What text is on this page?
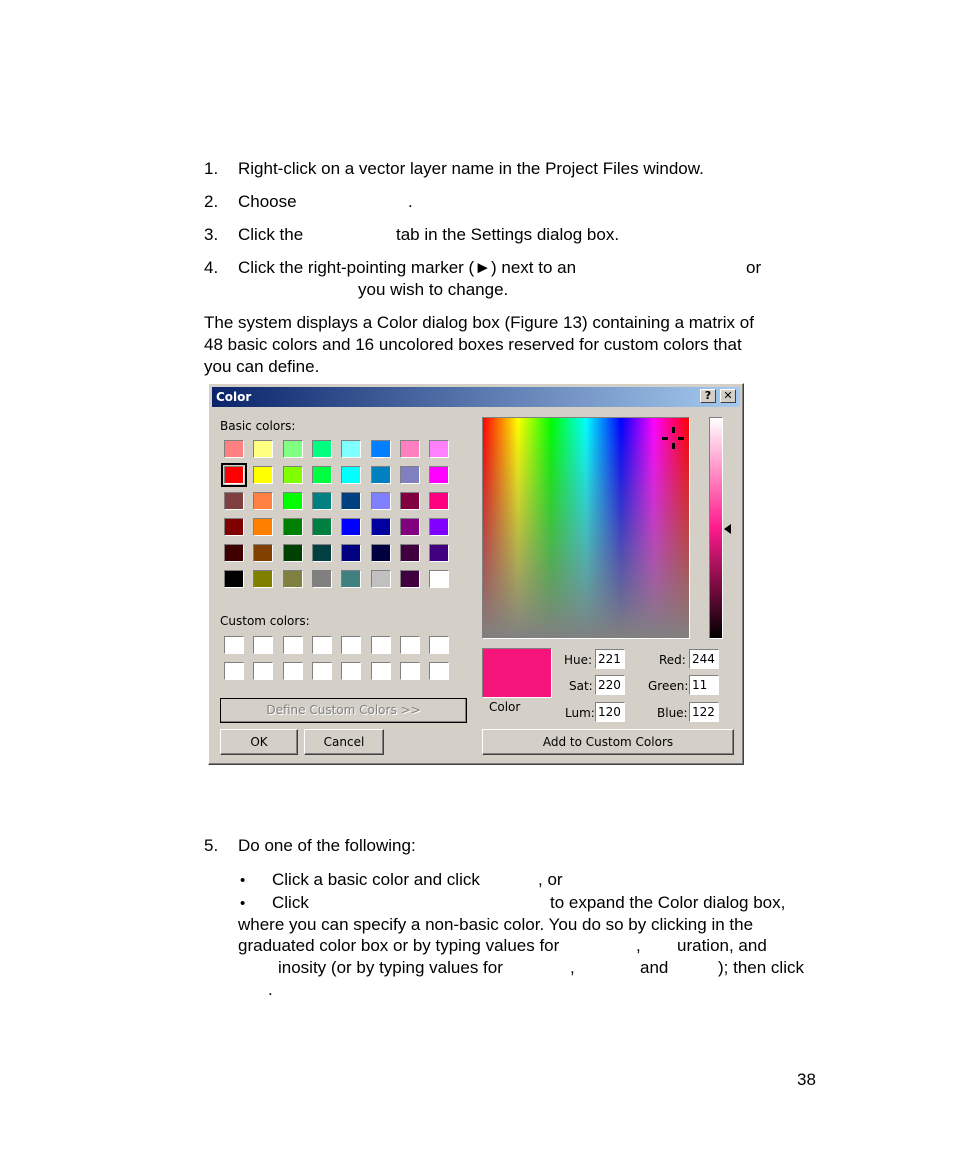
1. Right-click on a vector layer name in the Project Files window.
2. Choose	.
3. Click the	tab in the Settings dialog box.
4. Click the right-pointing marker (►) next to an	or
you wish to change.
The system displays a Color dialog box (Figure 13) containing a matrix of
48 basic colors and 16 uncolored boxes reserved for custom colors that
you can define.
Color	?	✕
Basic colors:
Custom colors:
Define Custom Colors >>
OK	Cancel
Color
Hue: 221
Sat: 220
Lum: 120
Red: 244
Green: 11
Blue: 122
Add to Custom Colors
5. Do one of the following:
• Click a basic color and click	, or
• Click	to expand the Color dialog box,
where you can specify a non-basic color. You do so by clicking in the
graduated color box or by typing values for	, uration, and
inosity (or by typing values for	,	and	); then click
.
38
